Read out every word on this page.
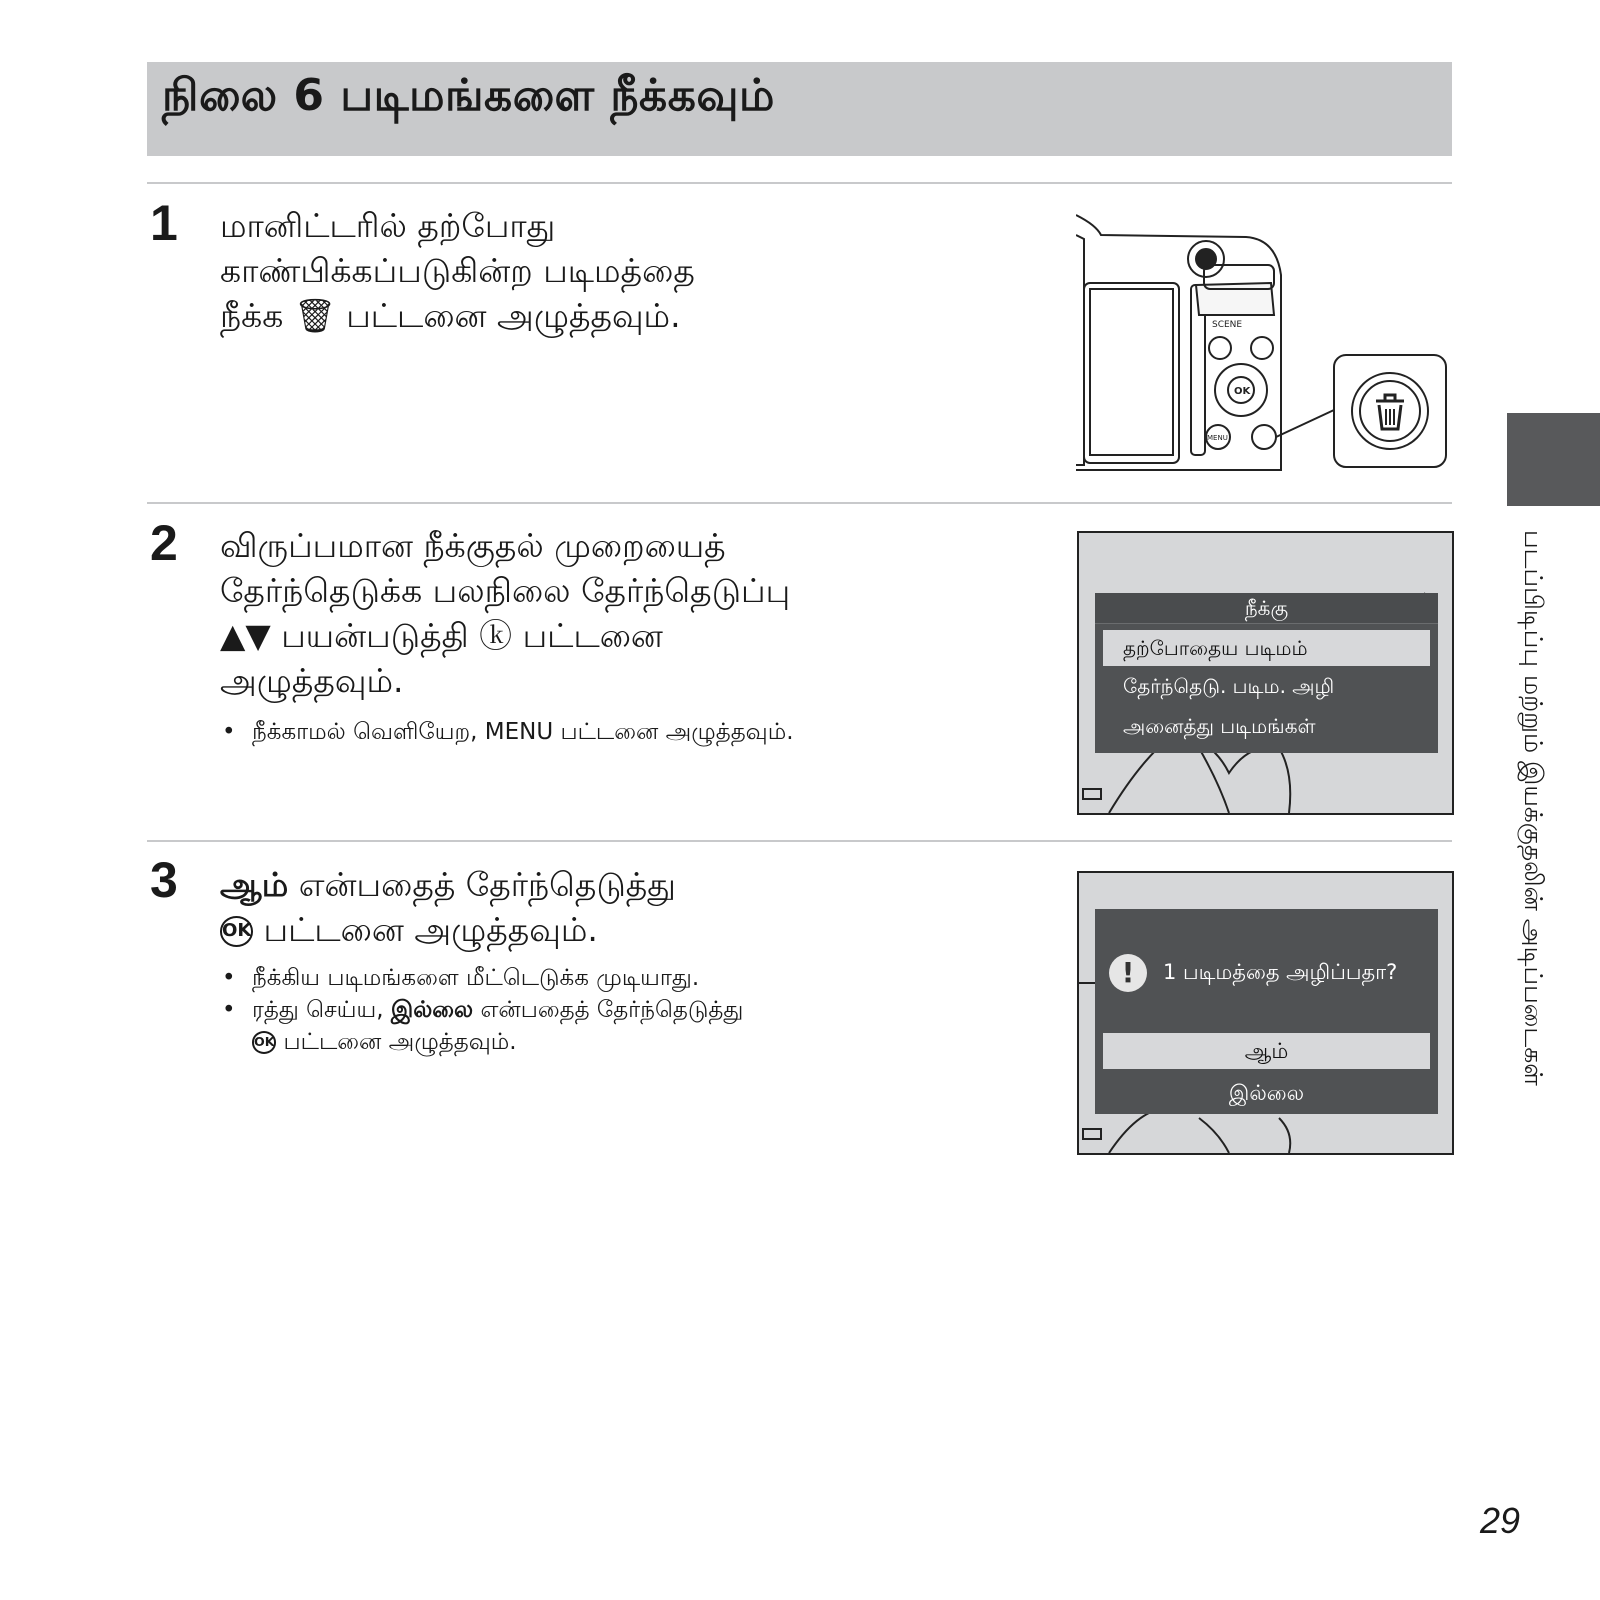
நிலை 6 படிமங்களை நீக்கவும்
1 மானிட்டரில் தற்போது
காண்பிக்கப்படுகின்ற படிமத்தை
நீக்க 🗑 பட்டனை அழுத்தவும்.	SCENE
OK
MENU
2 விருப்பமான நீக்குதல் முறையைத்
தேர்ந்தெடுக்க பலநிலை தேர்ந்தெடுப்பு
▲▼ பயன்படுத்தி ⓚ பட்டனை
அழுத்தவும்.
• நீக்காமல் வெளியேற, MENU பட்டனை அழுத்தவும்.
நீக்கு
தற்போதைய படிமம்
தேர்ந்தெடு. படிம. அழி
அனைத்து படிமங்கள்
3 ஆம் என்பதைத் தேர்ந்தெடுத்து
OK பட்டனை அழுத்தவும்.
• நீக்கிய படிமங்களை மீட்டெடுக்க முடியாது.
• ரத்து செய்ய, இல்லை என்பதைத் தேர்ந்தெடுத்து
OK பட்டனை அழுத்தவும்.
!	1 படிமத்தை அழிப்பதா?
ஆம்
இல்லை
படப்பிடிப்பு மற்றும் இயக்குதலின் அடிப்படைகள்
29
